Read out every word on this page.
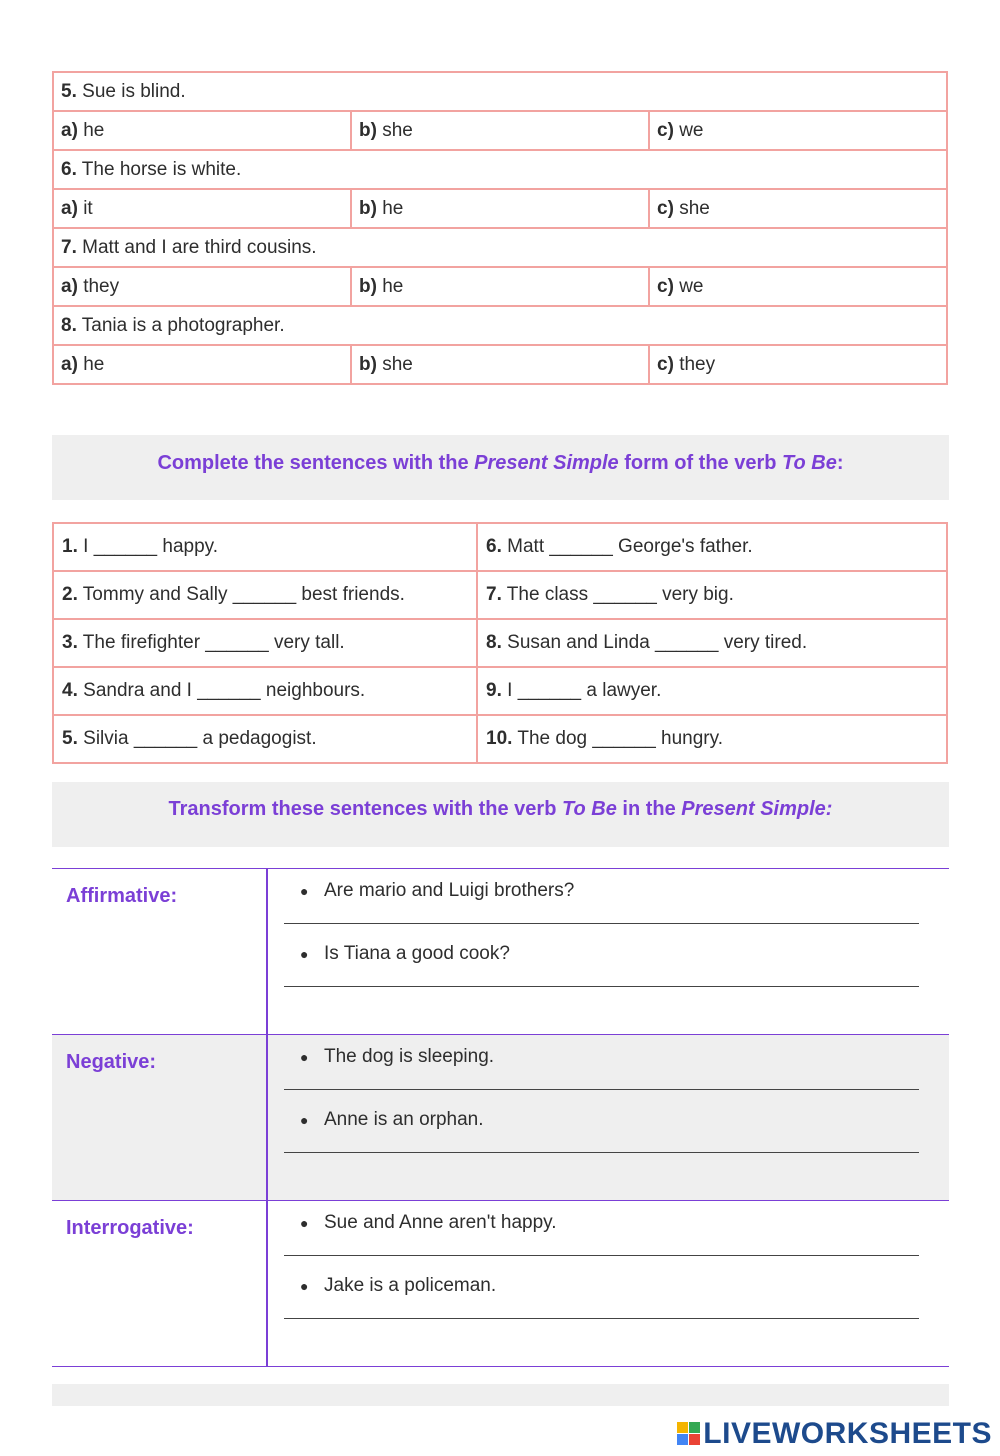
5. Sue is blind.		
a) he	b) she	c) we
6. The horse is white.		
a) it	b) he	c) she
7. Matt and I are third cousins.		
a) they	b) he	c) we
8. Tania is a photographer.		
a) he	b) she	c) they
Complete the sentences with the Present Simple form of the verb To Be:
1. I ______ happy.	6. Matt ______ George's father.
2. Tommy and Sally ______ best friends.	7. The class ______ very big.
3. The firefighter ______ very tall.	8. Susan and Linda ______ very tired.
4. Sandra and I ______ neighbours.	9. I ______ a lawyer.
5. Silvia ______ a pedagogist.	10. The dog ______ hungry.
Transform these sentences with the verb To Be in the Present Simple:
Affirmative:	● Are mario and Luigi brothers?
● Is Tiana a good cook?

Negative:	● The dog is sleeping.
● Anne is an orphan.

Interrogative:	● Sue and Anne aren't happy.
● Jake is a policeman.
LIVEWORKSHEETS
